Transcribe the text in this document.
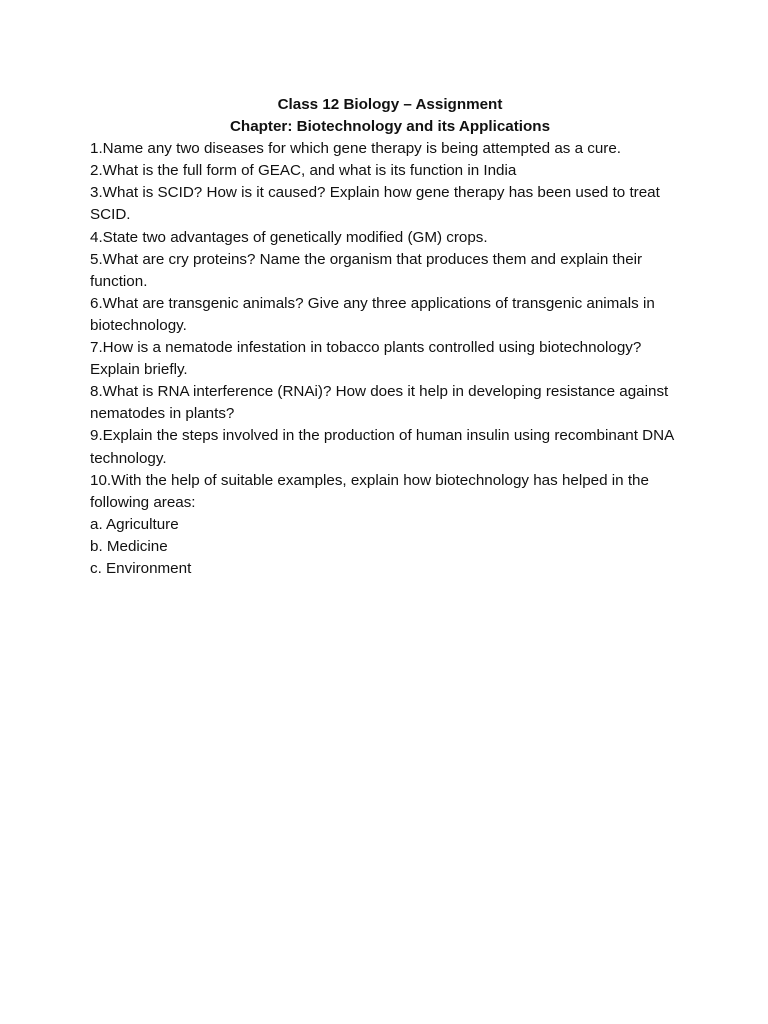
Class 12 Biology – Assignment

Chapter: Biotechnology and its Applications

1.Name any two diseases for which gene therapy is being attempted as a cure.

2.What is the full form of GEAC, and what is its function in India

3.What is SCID? How is it caused? Explain how gene therapy has been used to treat SCID.

4.State two advantages of genetically modified (GM) crops.

5.What are cry proteins? Name the organism that produces them and explain their function.

6.What are transgenic animals? Give any three applications of transgenic animals in biotechnology.

7.How is a nematode infestation in tobacco plants controlled using biotechnology? Explain briefly.

8.What is RNA interference (RNAi)? How does it help in developing resistance against nematodes in plants?

9.Explain the steps involved in the production of human insulin using recombinant DNA technology.

10.With the help of suitable examples, explain how biotechnology has helped in the following areas:

a. Agriculture

b. Medicine

c. Environment
